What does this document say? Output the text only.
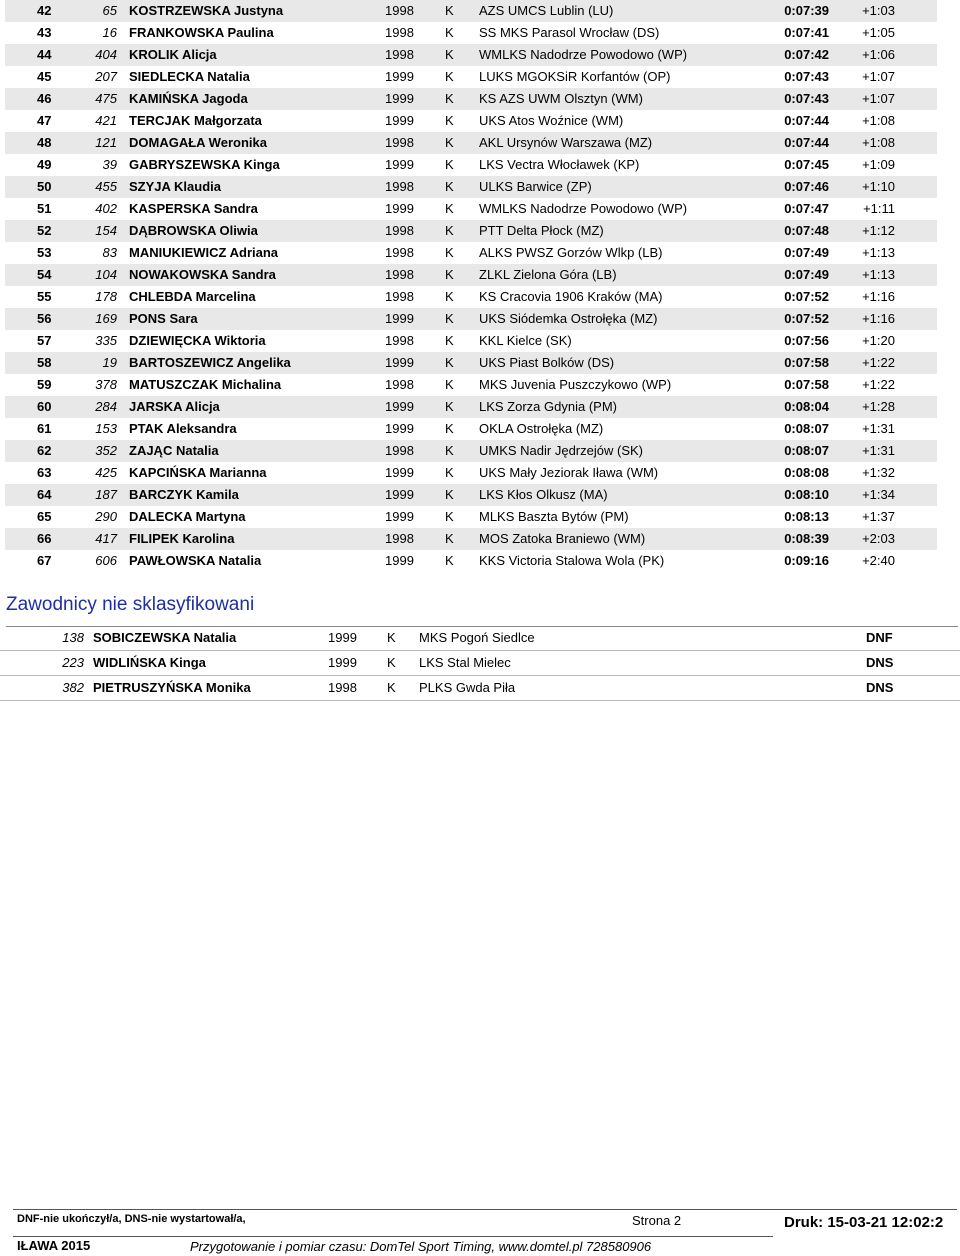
42	65 KOSTRZEWSKA Justyna	1998 K AZS UMCS Lublin (LU)	0:07:39	+1:03
43	16 FRANKOWSKA Paulina	1998 K SS MKS Parasol Wrocław (DS)	0:07:41	+1:05
44	404 KROLIK Alicja	1998 K WMLKS Nadodrze Powodowo (WP)	0:07:42	+1:06
45	207 SIEDLECKA Natalia	1999 K LUKS MGOKSiR Korfantów (OP)	0:07:43	+1:07
46	475 KAMIŃSKA Jagoda	1999 K KS AZS UWM Olsztyn (WM)	0:07:43	+1:07
47	421 TERCJAK Małgorzata	1999 K UKS Atos Woźnice (WM)	0:07:44	+1:08
48	121 DOMAGAŁA Weronika	1998 K AKL Ursynów Warszawa (MZ)	0:07:44	+1:08
49	39 GABRYSZEWSKA Kinga	1999 K LKS Vectra Włocławek (KP)	0:07:45	+1:09
50	455 SZYJA Klaudia	1998 K ULKS Barwice (ZP)	0:07:46	+1:10
51	402 KASPERSKA Sandra	1999 K WMLKS Nadodrze Powodowo (WP)	0:07:47	+1:11
52	154 DĄBROWSKA Oliwia	1998 K PTT Delta Płock (MZ)	0:07:48	+1:12
53	83 MANIUKIEWICZ Adriana	1998 K ALKS PWSZ Gorzów Wlkp (LB)	0:07:49	+1:13
54	104 NOWAKOWSKA Sandra	1998 K ZLKL Zielona Góra (LB)	0:07:49	+1:13
55	178 CHLEBDA Marcelina	1998 K KS Cracovia 1906 Kraków (MA)	0:07:52	+1:16
56	169 PONS Sara	1999 K UKS Siódemka Ostrołęka (MZ)	0:07:52	+1:16
57	335 DZIEWIĘCKA Wiktoria	1998 K KKL Kielce (SK)	0:07:56	+1:20
58	19 BARTOSZEWICZ Angelika	1999 K UKS Piast Bolków (DS)	0:07:58	+1:22
59	378 MATUSZCZAK Michalina	1998 K MKS Juvenia Puszczykowo (WP)	0:07:58	+1:22
60	284 JARSKA Alicja	1999 K LKS Zorza Gdynia (PM)	0:08:04	+1:28
61	153 PTAK Aleksandra	1999 K OKLA Ostrołęka (MZ)	0:08:07	+1:31
62	352 ZAJĄC Natalia	1998 K UMKS Nadir Jędrzejów (SK)	0:08:07	+1:31
63	425 KAPCIŃSKA Marianna	1999 K UKS Mały Jeziorak Iława (WM)	0:08:08	+1:32
64	187 BARCZYK Kamila	1999 K LKS Kłos Olkusz (MA)	0:08:10	+1:34
65	290 DALECKA Martyna	1999 K MLKS Baszta Bytów (PM)	0:08:13	+1:37
66	417 FILIPEK Karolina	1998 K MOS Zatoka Braniewo (WM)	0:08:39	+2:03
67	606 PAWŁOWSKA Natalia	1999 K KKS Victoria Stalowa Wola (PK)	0:09:16	+2:40
Zawodnicy nie sklasyfikowani
138 SOBICZEWSKA Natalia	1999 K MKS Pogoń Siedlce	DNF
223 WIDLIŃSKA Kinga	1999 K LKS Stal Mielec	DNS
382 PIETRUSZYŃSKA Monika	1998 K PLKS Gwda Piła	DNS
DNF-nie ukończył/a, DNS-nie wystartował/a,	Strona 2	Druk: 15-03-21 12:02:2
IŁAWA 2015	Przygotowanie i pomiar czasu: DomTel Sport Timing, www.domtel.pl 728580906
